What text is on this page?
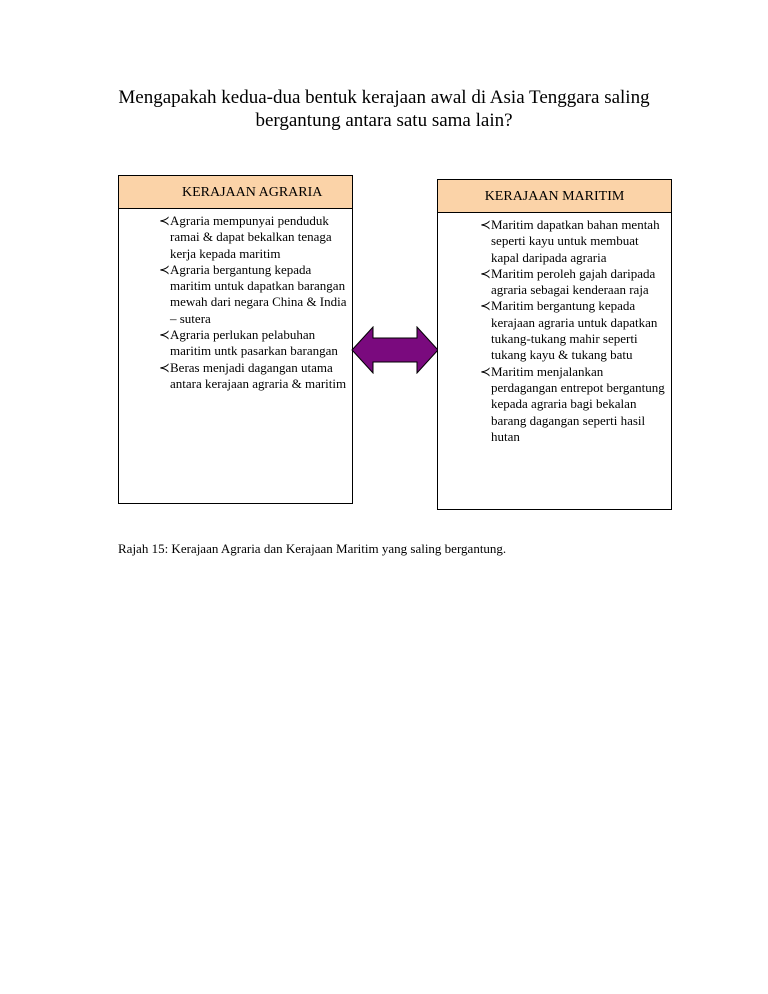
Mengapakah kedua-dua bentuk kerajaan awal di Asia Tenggara saling
bergantung antara satu sama lain?
KERAJAAN AGRARIA
≺ Agraria mempunyai penduduk ramai & dapat bekalkan tenaga kerja kepada maritim
≺ Agraria bergantung kepada maritim untuk dapatkan barangan mewah dari negara China & India – sutera
≺ Agraria perlukan pelabuhan maritim untk pasarkan barangan
≺ Beras menjadi dagangan utama antara kerajaan agraria & maritim
KERAJAAN MARITIM
≺ Maritim dapatkan bahan mentah seperti kayu untuk membuat kapal daripada agraria
≺ Maritim peroleh gajah daripada agraria sebagai kenderaan raja
≺ Maritim bergantung kepada kerajaan agraria untuk dapatkan tukang-tukang mahir seperti tukang kayu & tukang batu
≺ Maritim menjalankan perdagangan entrepot bergantung kepada agraria bagi bekalan barang dagangan seperti hasil hutan
Rajah 15: Kerajaan Agraria dan Kerajaan Maritim yang saling bergantung.
